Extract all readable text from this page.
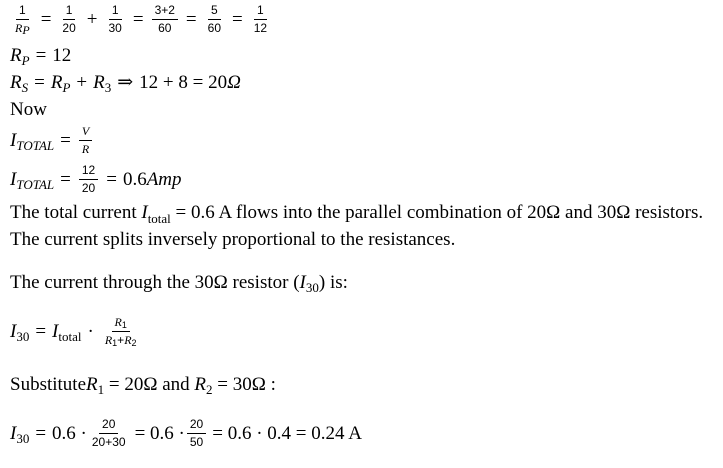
$\frac{1}{RP} = \frac{1}{20} + \frac{1}{30} = \frac{3+2}{60} = \frac{5}{60} = \frac{1}{12}$
R P = 12
R S = R P + R 3 ⇒ 12 + 8 = 20 Ω
Now
I TOTAL = $\frac{V}{R}$
I TOTAL = $\frac{12}{20} = 0.6$ Amp
The total current $I_{total} = 0.6$ A flows into the parallel combination of 20Ω and 30Ω resistors. The current splits inversely proportional to the resistances.
The current through the 30Ω resistor ( I 30 ) is:
I 30 = I total · $\frac{R1}{R1+R2}$
Substitute R 1 = 20Ω and R 2 = 30Ω :
I $30 = 0.6 \cdot \frac{20}{20+30} = 0.6 \cdot \frac{20}{50} = 0.6 \cdot 0.4 = 0.24$ A
